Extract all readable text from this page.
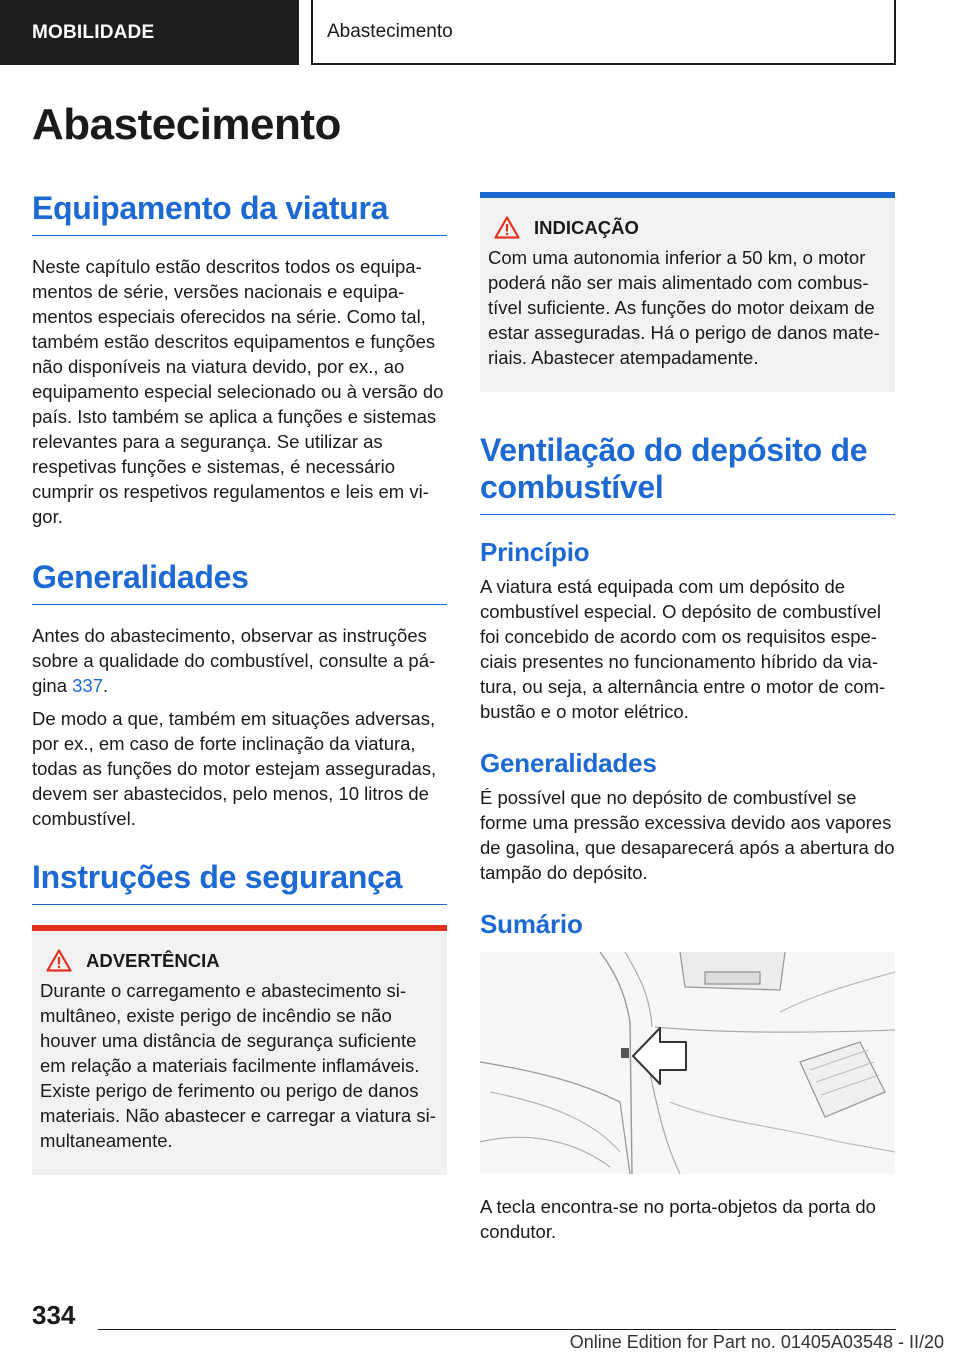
MOBILIDADE	Abastecimento
Abastecimento
Equipamento da viatura

Neste capítulo estão descritos todos os equipamentos de série, versões nacionais e equipamentos especiais oferecidos na série. Como tal, também estão descritos equipamentos e funções não disponíveis na viatura devido, por ex., ao equipamento especial selecionado ou à versão do país. Isto também se aplica a funções e sistemas relevantes para a segurança. Se utilizar as respetivas funções e sistemas, é necessário cumprir os respetivos regulamentos e leis em vigor.

Generalidades

Antes do abastecimento, observar as instruções sobre a qualidade do combustível, consulte a página 337.

De modo a que, também em situações adversas, por ex., em caso de forte inclinação da viatura, todas as funções do motor estejam asseguradas, devem ser abastecidos, pelo menos, 10 litros de combustível.

Instruções de segurança
ADVERTÊNCIA

Durante o carregamento e abastecimento simultâneo, existe perigo de incêndio se não houver uma distância de segurança suficiente em relação a materiais facilmente inflamáveis. Existe perigo de ferimento ou perigo de danos materiais. Não abastecer e carregar a viatura simultaneamente.

INDICAÇÃO

Com uma autonomia inferior a 50 km, o motor poderá não ser mais alimentado com combustível suficiente. As funções do motor deixam de estar asseguradas. Há o perigo de danos materiais. Abastecer atempadamente.

Ventilação do depósito de combustível
Princípio

A viatura está equipada com um depósito de combustível especial. O depósito de combustível foi concebido de acordo com os requisitos especiais presentes no funcionamento híbrido da viatura, ou seja, a alternância entre o motor de combustão e o motor elétrico.

Generalidades

É possível que no depósito de combustível se forme uma pressão excessiva devido aos vapores de gasolina, que desaparecerá após a abertura do tampão do depósito.

Sumário

A tecla encontra-se no porta-objetos da porta do condutor.

334
Online Edition for Part no. 01405A03548 - II/20
